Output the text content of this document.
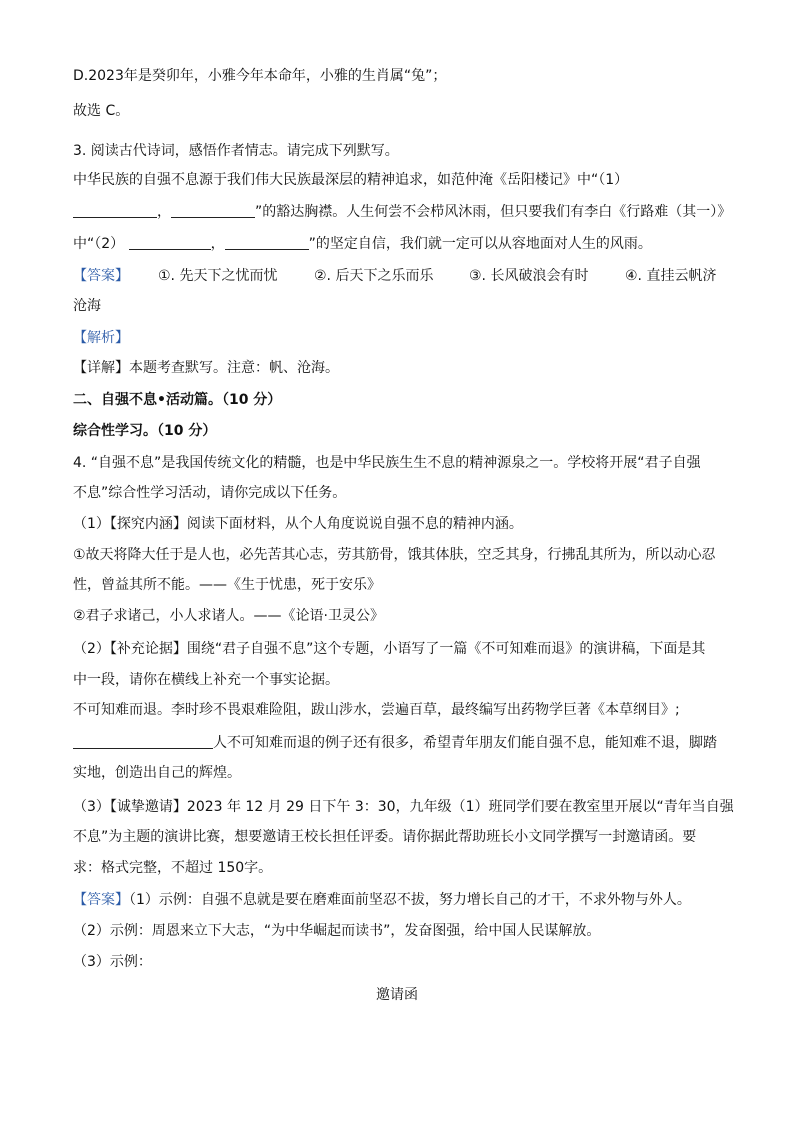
D.2023年是癸卯年，小雅今年本命年，小雅的生肖属“兔”；
故选 C。
3. 阅读古代诗词，感悟作者情志。请完成下列默写。
中华民族的自强不息源于我们伟大民族最深层的精神追求，如范仲淹《岳阳楼记》中“（1）
，	”的豁达胸襟。人生何尝不会栉风沐雨，但只要我们有李白《行路难（其一）》
中“（2）	，	”的坚定自信，我们就一定可以从容地面对人生的风雨。
【答案】 ①. 先天下之忧而忧	②. 后天下之乐而乐	③. 长风破浪会有时	④. 直挂云帆济
沧海
【解析】
【详解】本题考查默写。注意：帆、沧海。
二、自强不息•活动篇。（10 分）
综合性学习。（10 分）
4. “自强不息”是我国传统文化的精髓，也是中华民族生生不息的精神源泉之一。学校将开展“君子自强
不息”综合性学习活动，请你完成以下任务。
（1）【探究内涵】阅读下面材料，从个人角度说说自强不息的精神内涵。
①故天将降大任于是人也，必先苦其心志，劳其筋骨，饿其体肤，空乏其身，行拂乱其所为，所以动心忍
性，曾益其所不能。——《生于忧患，死于安乐》
②君子求诸己，小人求诸人。——《论语·卫灵公》
（2）【补充论据】围绕“君子自强不息”这个专题，小语写了一篇《不可知难而退》的演讲稿，下面是其
中一段，请你在横线上补充一个事实论据。
不可知难而退。李时珍不畏艰难险阻，跋山涉水，尝遍百草，最终编写出药物学巨著《本草纲目》;
人不可知难而退的例子还有很多，希望青年朋友们能自强不息，能知难不退，脚踏
实地，创造出自己的辉煌。
（3）【诚挚邀请】2023 年 12 月 29 日下午 3：30，九年级（1）班同学们要在教室里开展以“青年当自强
不息”为主题的演讲比赛，想要邀请王校长担任评委。请你据此帮助班长小文同学撰写一封邀请函。要
求：格式完整，不超过 150字。
【答案】（1）示例：自强不息就是要在磨难面前坚忍不拔，努力增长自己的才干，不求外物与外人。
（2）示例：周恩来立下大志，“为中华崛起而读书”，发奋图强，给中国人民谋解放。
（3）示例：
邀请函
